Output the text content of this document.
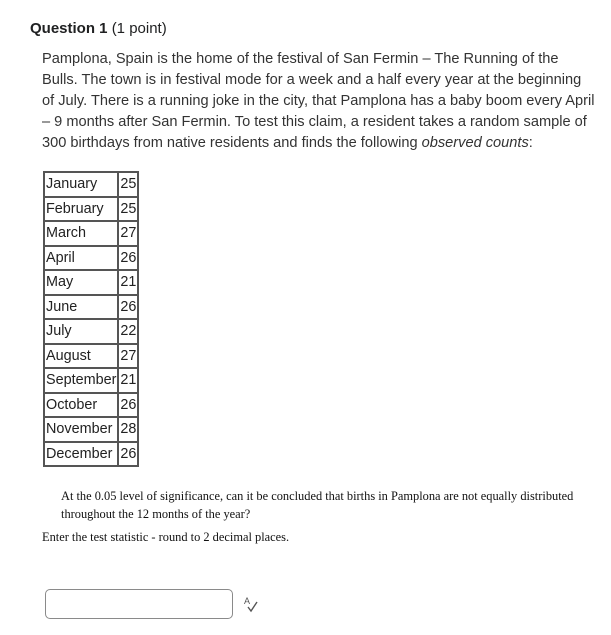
Question 1 (1 point)
Pamplona, Spain is the home of the festival of San Fermin – The Running of the Bulls. The town is in festival mode for a week and a half every year at the beginning of July. There is a running joke in the city, that Pamplona has a baby boom every April – 9 months after San Fermin. To test this claim, a resident takes a random sample of 300 birthdays from native residents and finds the following observed counts:
January	25
February	25
March	27
April	26
May	21
June	26
July	22
August	27
September	21
October	26
November	28
December	26
At the 0.05 level of significance, can it be concluded that births in Pamplona are not equally distributed throughout the 12 months of the year?
Enter the test statistic - round to 2 decimal places.
A
